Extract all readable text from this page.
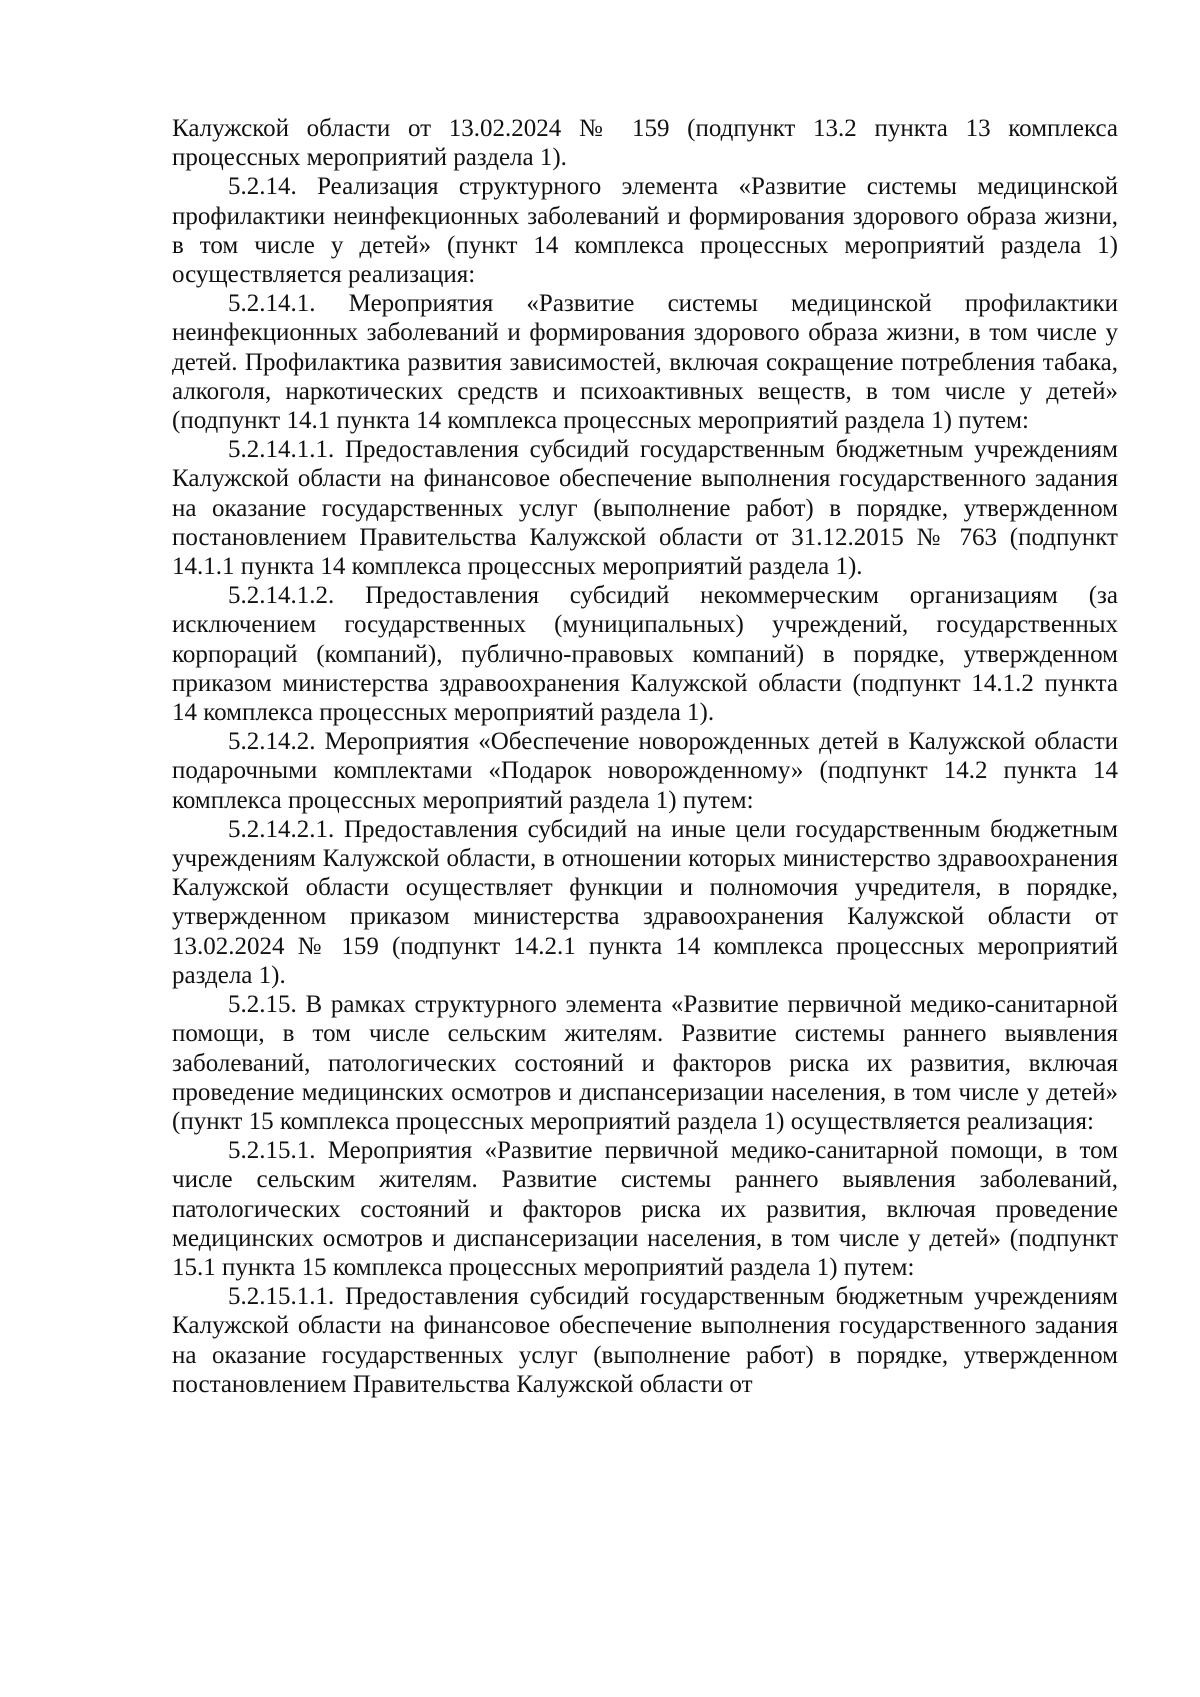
Калужской области от 13.02.2024 № 159 (подпункт 13.2 пункта 13 комплекса процессных мероприятий раздела 1).

5.2.14. Реализация структурного элемента «Развитие системы медицинской профилактики неинфекционных заболеваний и формирования здорового образа жизни, в том числе у детей» (пункт 14 комплекса процессных мероприятий раздела 1) осуществляется реализация:

5.2.14.1. Мероприятия «Развитие системы медицинской профилактики неинфекционных заболеваний и формирования здорового образа жизни, в том числе у детей. Профилактика развития зависимостей, включая сокращение потребления табака, алкоголя, наркотических средств и психоактивных веществ, в том числе у детей» (подпункт 14.1 пункта 14 комплекса процессных мероприятий раздела 1) путем:

5.2.14.1.1. Предоставления субсидий государственным бюджетным учреждениям Калужской области на финансовое обеспечение выполнения государственного задания на оказание государственных услуг (выполнение работ) в порядке, утвержденном постановлением Правительства Калужской области от 31.12.2015 № 763 (подпункт 14.1.1 пункта 14 комплекса процессных мероприятий раздела 1).

5.2.14.1.2. Предоставления субсидий некоммерческим организациям (за исключением государственных (муниципальных) учреждений, государственных корпораций (компаний), публично-правовых компаний) в порядке, утвержденном приказом министерства здравоохранения Калужской области (подпункт 14.1.2 пункта 14 комплекса процессных мероприятий раздела 1).

5.2.14.2. Мероприятия «Обеспечение новорожденных детей в Калужской области подарочными комплектами «Подарок новорожденному» (подпункт 14.2 пункта 14 комплекса процессных мероприятий раздела 1) путем:

5.2.14.2.1. Предоставления субсидий на иные цели государственным бюджетным учреждениям Калужской области, в отношении которых министерство здравоохранения Калужской области осуществляет функции и полномочия учредителя, в порядке, утвержденном приказом министерства здравоохранения Калужской области от 13.02.2024 № 159 (подпункт 14.2.1 пункта 14 комплекса процессных мероприятий раздела 1).

5.2.15. В рамках структурного элемента «Развитие первичной медико-санитарной помощи, в том числе сельским жителям. Развитие системы раннего выявления заболеваний, патологических состояний и факторов риска их развития, включая проведение медицинских осмотров и диспансеризации населения, в том числе у детей» (пункт 15 комплекса процессных мероприятий раздела 1) осуществляется реализация:

5.2.15.1. Мероприятия «Развитие первичной медико-санитарной помощи, в том числе сельским жителям. Развитие системы раннего выявления заболеваний, патологических состояний и факторов риска их развития, включая проведение медицинских осмотров и диспансеризации населения, в том числе у детей» (подпункт 15.1 пункта 15 комплекса процессных мероприятий раздела 1) путем:

5.2.15.1.1. Предоставления субсидий государственным бюджетным учреждениям Калужской области на финансовое обеспечение выполнения государственного задания на оказание государственных услуг (выполнение работ) в порядке, утвержденном постановлением Правительства Калужской области от
